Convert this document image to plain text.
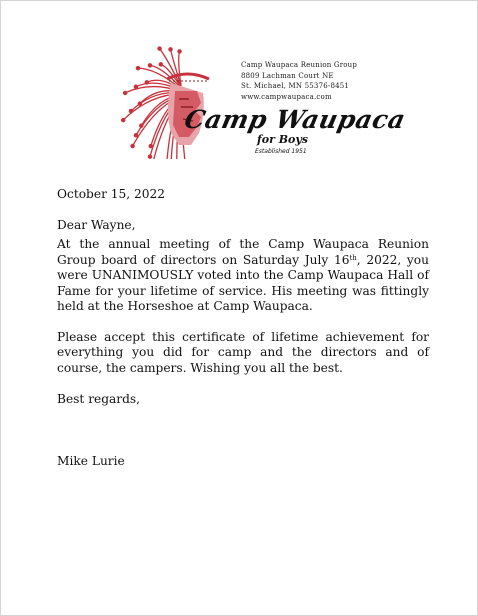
Camp Waupaca Reunion Group
8809 Lachman Court NE
St. Michael, MN 55376-8451
www.campwaupaca.com
Camp Waupaca
for Boys
Established 1951

October 15, 2022

Dear Wayne,

At the annual meeting of the Camp Waupaca Reunion Group board of directors on Saturday July 16th, 2022, you were UNANIMOUSLY voted into the Camp Waupaca Hall of Fame for your lifetime of service. His meeting was fittingly held at the Horseshoe at Camp Waupaca.

Please accept this certificate of lifetime achievement for everything you did for camp and the directors and of course, the campers. Wishing you all the best.

Best regards,

Mike Lurie
